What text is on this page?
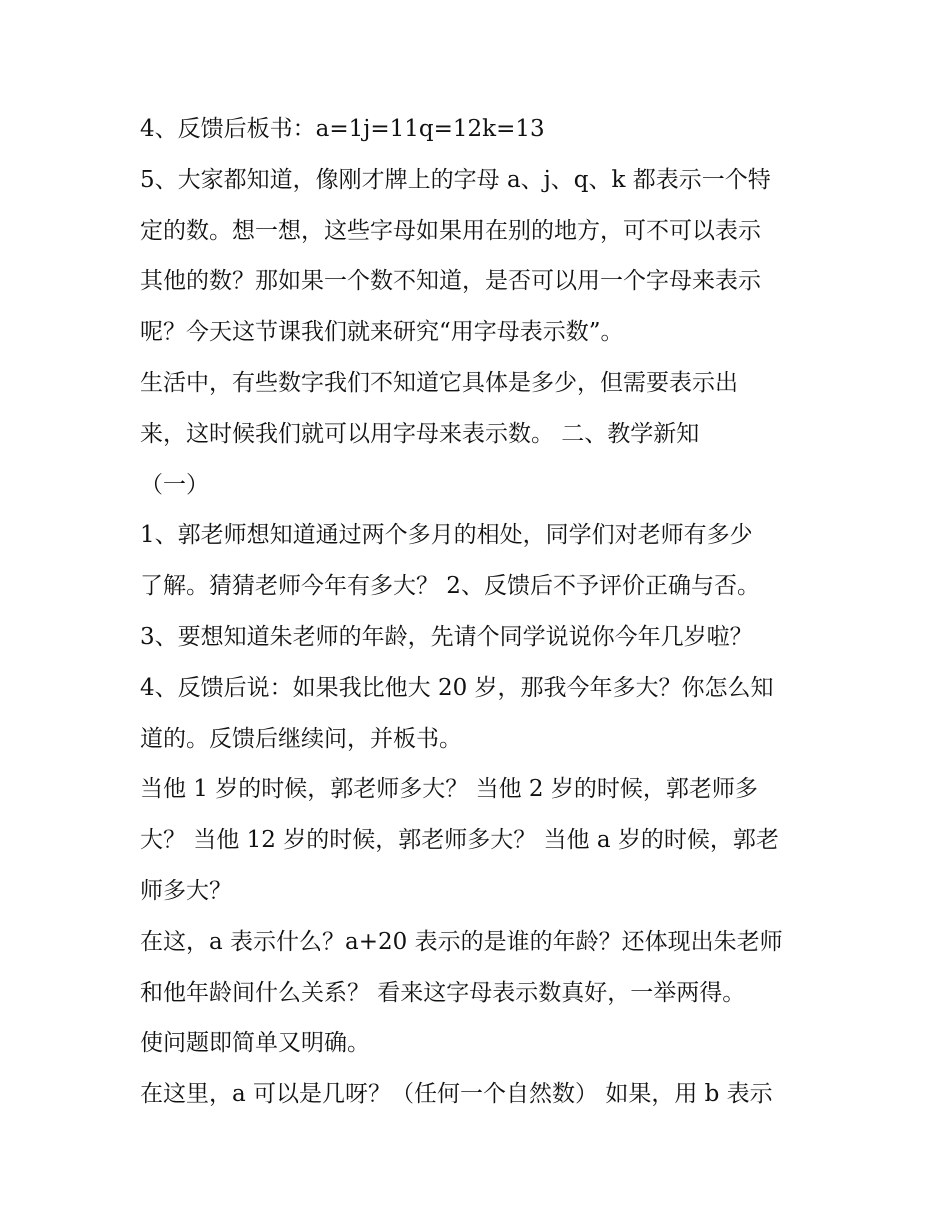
4、反馈后板书：a=1j=11q=12k=13
5、大家都知道，像刚才牌上的字母 a、j、q、k 都表示一个特
定的数。想一想，这些字母如果用在别的地方，可不可以表示
其他的数？那如果一个数不知道，是否可以用一个字母来表示
呢？今天这节课我们就来研究“用字母表示数”。
生活中，有些数字我们不知道它具体是多少，但需要表示出
来，这时候我们就可以用字母来表示数。 二、教学新知
（一）
1、郭老师想知道通过两个多月的相处，同学们对老师有多少
了解。猜猜老师今年有多大？ 2、反馈后不予评价正确与否。
3、要想知道朱老师的年龄，先请个同学说说你今年几岁啦？
4、反馈后说：如果我比他大 20 岁，那我今年多大？你怎么知
道的。反馈后继续问，并板书。
当他 1 岁的时候，郭老师多大？ 当他 2 岁的时候，郭老师多
大？ 当他 12 岁的时候，郭老师多大？ 当他 a 岁的时候，郭老
师多大？
在这，a 表示什么？a+20 表示的是谁的年龄？还体现出朱老师
和他年龄间什么关系？ 看来这字母表示数真好，一举两得。
使问题即简单又明确。
在这里，a 可以是几呀？（任何一个自然数） 如果，用 b 表示
